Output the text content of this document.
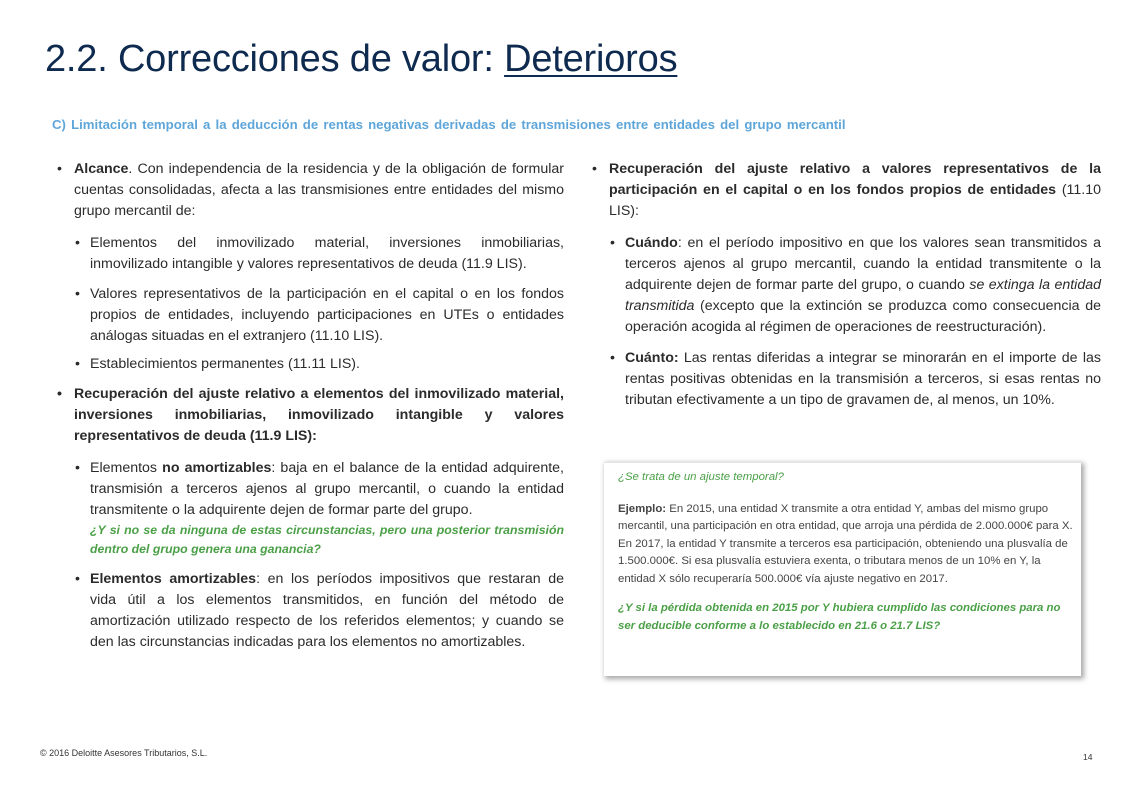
2.2. Correcciones de valor: Deterioros
C) Limitación temporal a la deducción de rentas negativas derivadas de transmisiones entre entidades del grupo mercantil

• Alcance. Con independencia de la residencia y de la obligación de formular cuentas consolidadas, afecta a las transmisiones entre entidades del mismo grupo mercantil de:

• Elementos del inmovilizado material, inversiones inmobiliarias, inmovilizado intangible y valores representativos de deuda (11.9 LIS).

• Valores representativos de la participación en el capital o en los fondos propios de entidades, incluyendo participaciones en UTEs o entidades análogas situadas en el extranjero (11.10 LIS).

• Establecimientos permanentes (11.11 LIS).

• Recuperación del ajuste relativo a elementos del inmovilizado material, inversiones inmobiliarias, inmovilizado intangible y valores representativos de deuda (11.9 LIS):

• Elementos no amortizables: baja en el balance de la entidad adquirente, transmisión a terceros ajenos al grupo mercantil, o cuando la entidad transmitente o la adquirente dejen de formar parte del grupo.
¿Y si no se da ninguna de estas circunstancias, pero una posterior transmisión dentro del grupo genera una ganancia?

• Elementos amortizables: en los períodos impositivos que restaran de vida útil a los elementos transmitidos, en función del método de amortización utilizado respecto de los referidos elementos; y cuando se den las circunstancias indicadas para los elementos no amortizables.

• Recuperación del ajuste relativo a valores representativos de la participación en el capital o en los fondos propios de entidades (11.10 LIS):

• Cuándo: en el período impositivo en que los valores sean transmitidos a terceros ajenos al grupo mercantil, cuando la entidad transmitente o la adquirente dejen de formar parte del grupo, o cuando se extinga la entidad transmitida (excepto que la extinción se produzca como consecuencia de operación acogida al régimen de operaciones de reestructuración).

• Cuánto: Las rentas diferidas a integrar se minorarán en el importe de las rentas positivas obtenidas en la transmisión a terceros, si esas rentas no tributan efectivamente a un tipo de gravamen de, al menos, un 10%.

¿Se trata de un ajuste temporal?

Ejemplo: En 2015, una entidad X transmite a otra entidad Y, ambas del mismo grupo mercantil, una participación en otra entidad, que arroja una pérdida de 2.000.000€ para X. En 2017, la entidad Y transmite a terceros esa participación, obteniendo una plusvalía de 1.500.000€. Si esa plusvalía estuviera exenta, o tributara menos de un 10% en Y, la entidad X sólo recuperaría 500.000€ vía ajuste negativo en 2017.

¿Y si la pérdida obtenida en 2015 por Y hubiera cumplido las condiciones para no ser deducible conforme a lo establecido en 21.6 o 21.7 LIS?

© 2016 Deloitte Asesores Tributarios, S.L.	14
